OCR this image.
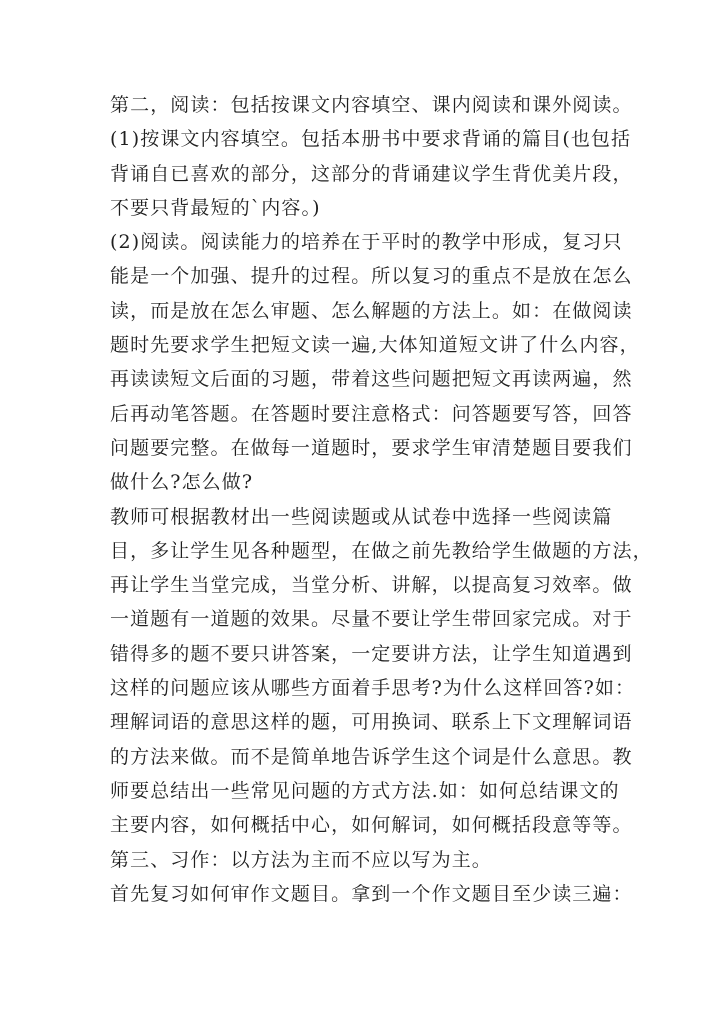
第二，阅读：包括按课文内容填空、课内阅读和课外阅读。
(1)按课文内容填空。包括本册书中要求背诵的篇目(也包括
背诵自已喜欢的部分，这部分的背诵建议学生背优美片段，
不要只背最短的`内容。)
(2)阅读。阅读能力的培养在于平时的教学中形成，复习只
能是一个加强、提升的过程。所以复习的重点不是放在怎么
读，而是放在怎么审题、怎么解题的方法上。如：在做阅读
题时先要求学生把短文读一遍,大体知道短文讲了什么内容，
再读读短文后面的习题，带着这些问题把短文再读两遍，然
后再动笔答题。在答题时要注意格式：问答题要写答，回答
问题要完整。在做每一道题时，要求学生审清楚题目要我们
做什么?怎么做?
教师可根据教材出一些阅读题或从试卷中选择一些阅读篇
目，多让学生见各种题型，在做之前先教给学生做题的方法，
再让学生当堂完成，当堂分析、讲解，以提高复习效率。做
一道题有一道题的效果。尽量不要让学生带回家完成。对于
错得多的题不要只讲答案，一定要讲方法，让学生知道遇到
这样的问题应该从哪些方面着手思考?为什么这样回答?如：
理解词语的意思这样的题，可用换词、联系上下文理解词语
的方法来做。而不是简单地告诉学生这个词是什么意思。教
师要总结出一些常见问题的方式方法.如：如何总结课文的
主要内容，如何概括中心，如何解词，如何概括段意等等。
第三、习作：以方法为主而不应以写为主。
首先复习如何审作文题目。拿到一个作文题目至少读三遍：
